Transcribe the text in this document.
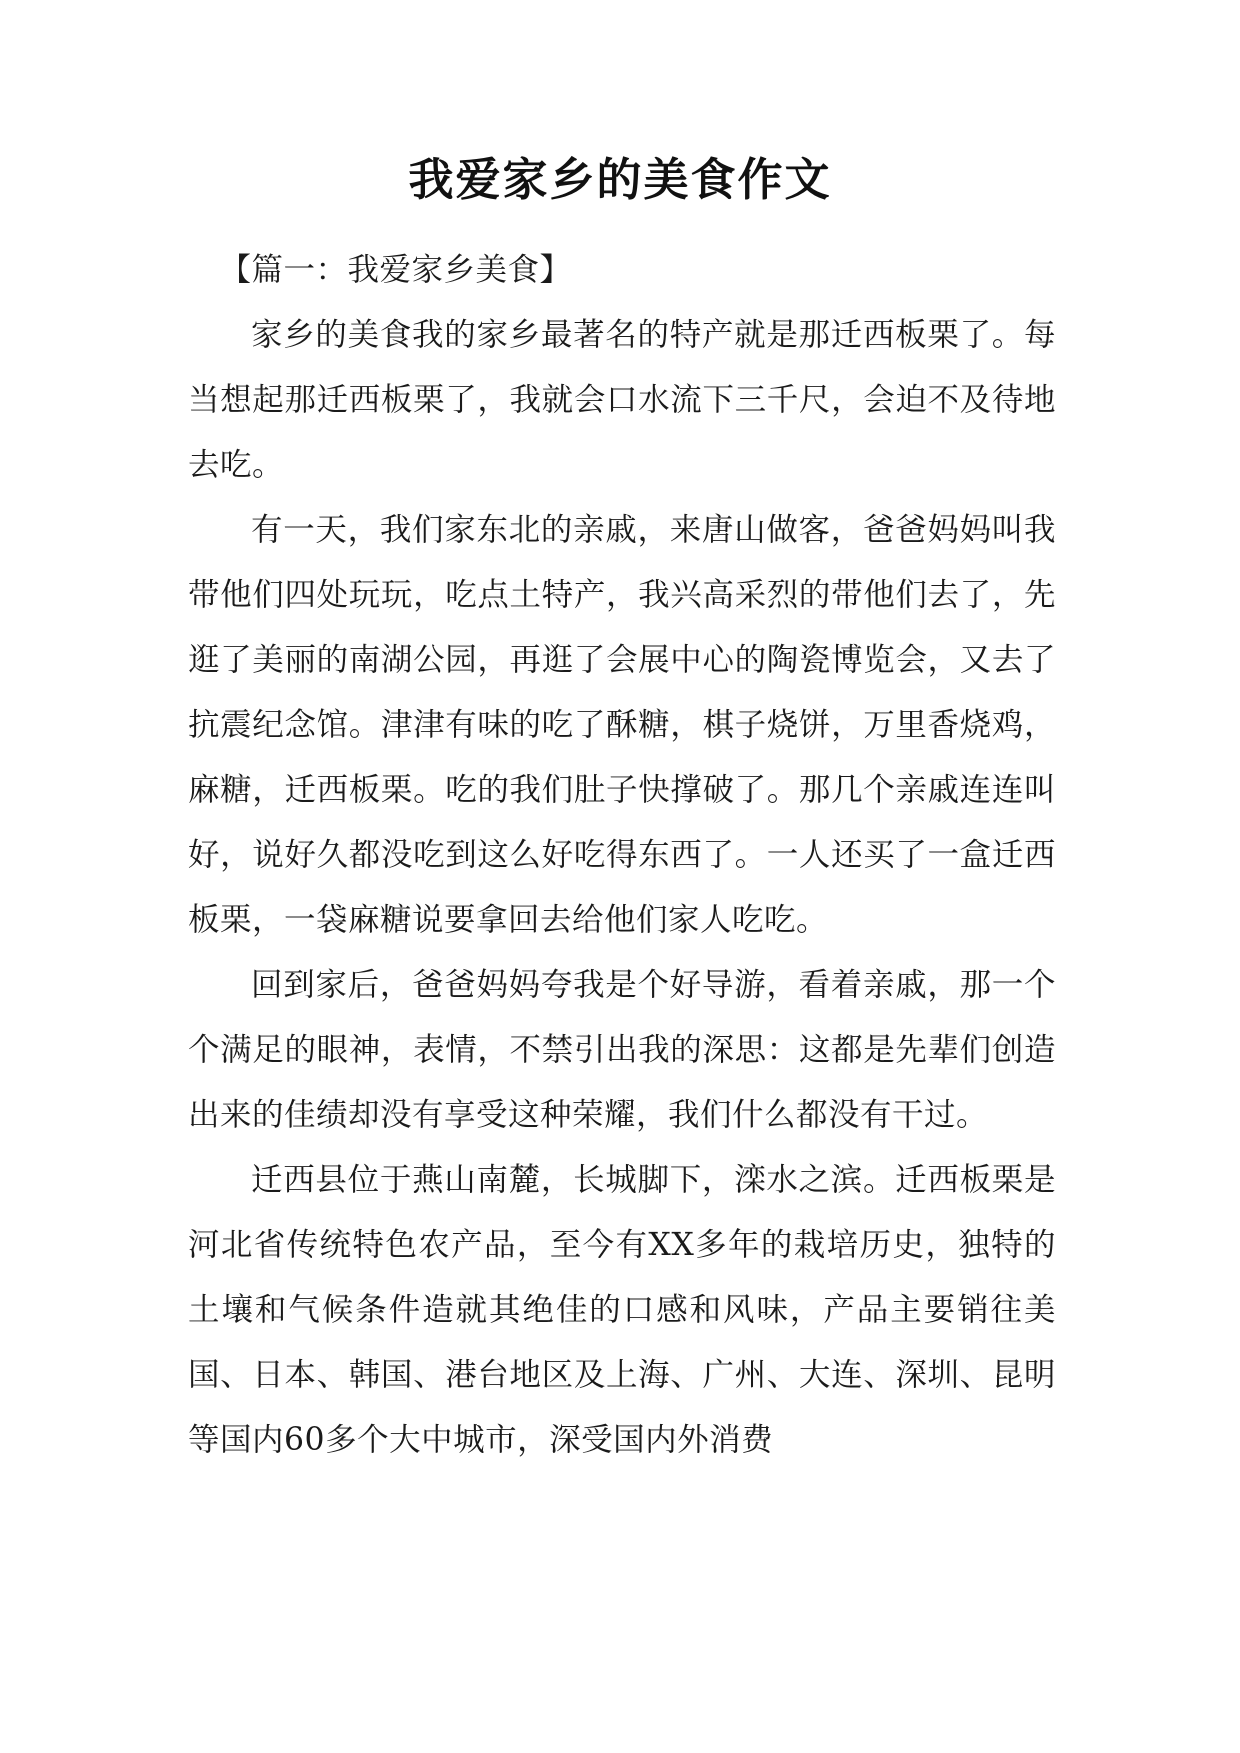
我爱家乡的美食作文

【篇一：我爱家乡美食】

家乡的美食我的家乡最著名的特产就是那迁西板栗了。每当想起那迁西板栗了，我就会口水流下三千尺，会迫不及待地去吃。

有一天，我们家东北的亲戚，来唐山做客，爸爸妈妈叫我带他们四处玩玩，吃点土特产，我兴高采烈的带他们去了，先逛了美丽的南湖公园，再逛了会展中心的陶瓷博览会，又去了抗震纪念馆。津津有味的吃了酥糖，棋子烧饼，万里香烧鸡，麻糖，迁西板栗。吃的我们肚子快撑破了。那几个亲戚连连叫好，说好久都没吃到这么好吃得东西了。一人还买了一盒迁西板栗，一袋麻糖说要拿回去给他们家人吃吃。

回到家后，爸爸妈妈夸我是个好导游，看着亲戚，那一个个满足的眼神，表情，不禁引出我的深思：这都是先辈们创造出来的佳绩却没有享受这种荣耀，我们什么都没有干过。

迁西县位于燕山南麓，长城脚下，滦水之滨。迁西板栗是河北省传统特色农产品，至今有XX多年的栽培历史，独特的土壤和气候条件造就其绝佳的口感和风味，产品主要销往美国、日本、韩国、港台地区及上海、广州、大连、深圳、昆明等国内60多个大中城市，深受国内外消费
